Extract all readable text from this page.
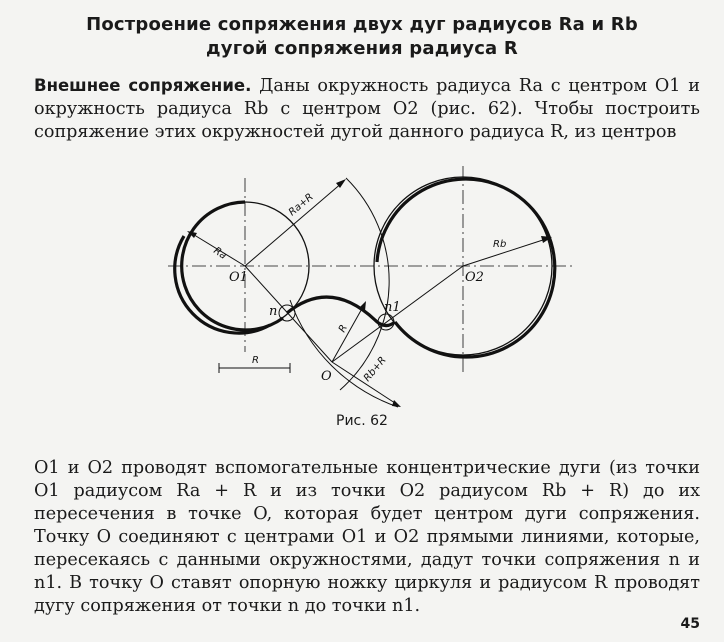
Построение сопряжения двух дуг радиусов Ra и Rb
дугой сопряжения радиуса R
Внешнее сопряжение. Даны окружность радиуса Ra с центром O1 и окружность радиуса Rb с центром O2 (рис. 62). Чтобы построить сопряжение этих окружностей дугой данного радиуса R, из центров
O1	O2
O
n	n1
Ra
Rb
R
R
Ra+R
Rb+R
Рис. 62
O1 и O2 проводят вспомогательные концентрические дуги (из точки O1 радиусом Ra + R и из точки O2 радиусом Rb + R) до их пересечения в точке O, которая будет центром дуги сопряжения. Точку O соединяют с центрами O1 и O2 прямыми линиями, которые, пересекаясь с данными окружностями, дадут точки сопряжения n и n1. В точку O ставят опорную ножку циркуля и радиусом R проводят дугу сопряжения от точки n до точки n1.
45
